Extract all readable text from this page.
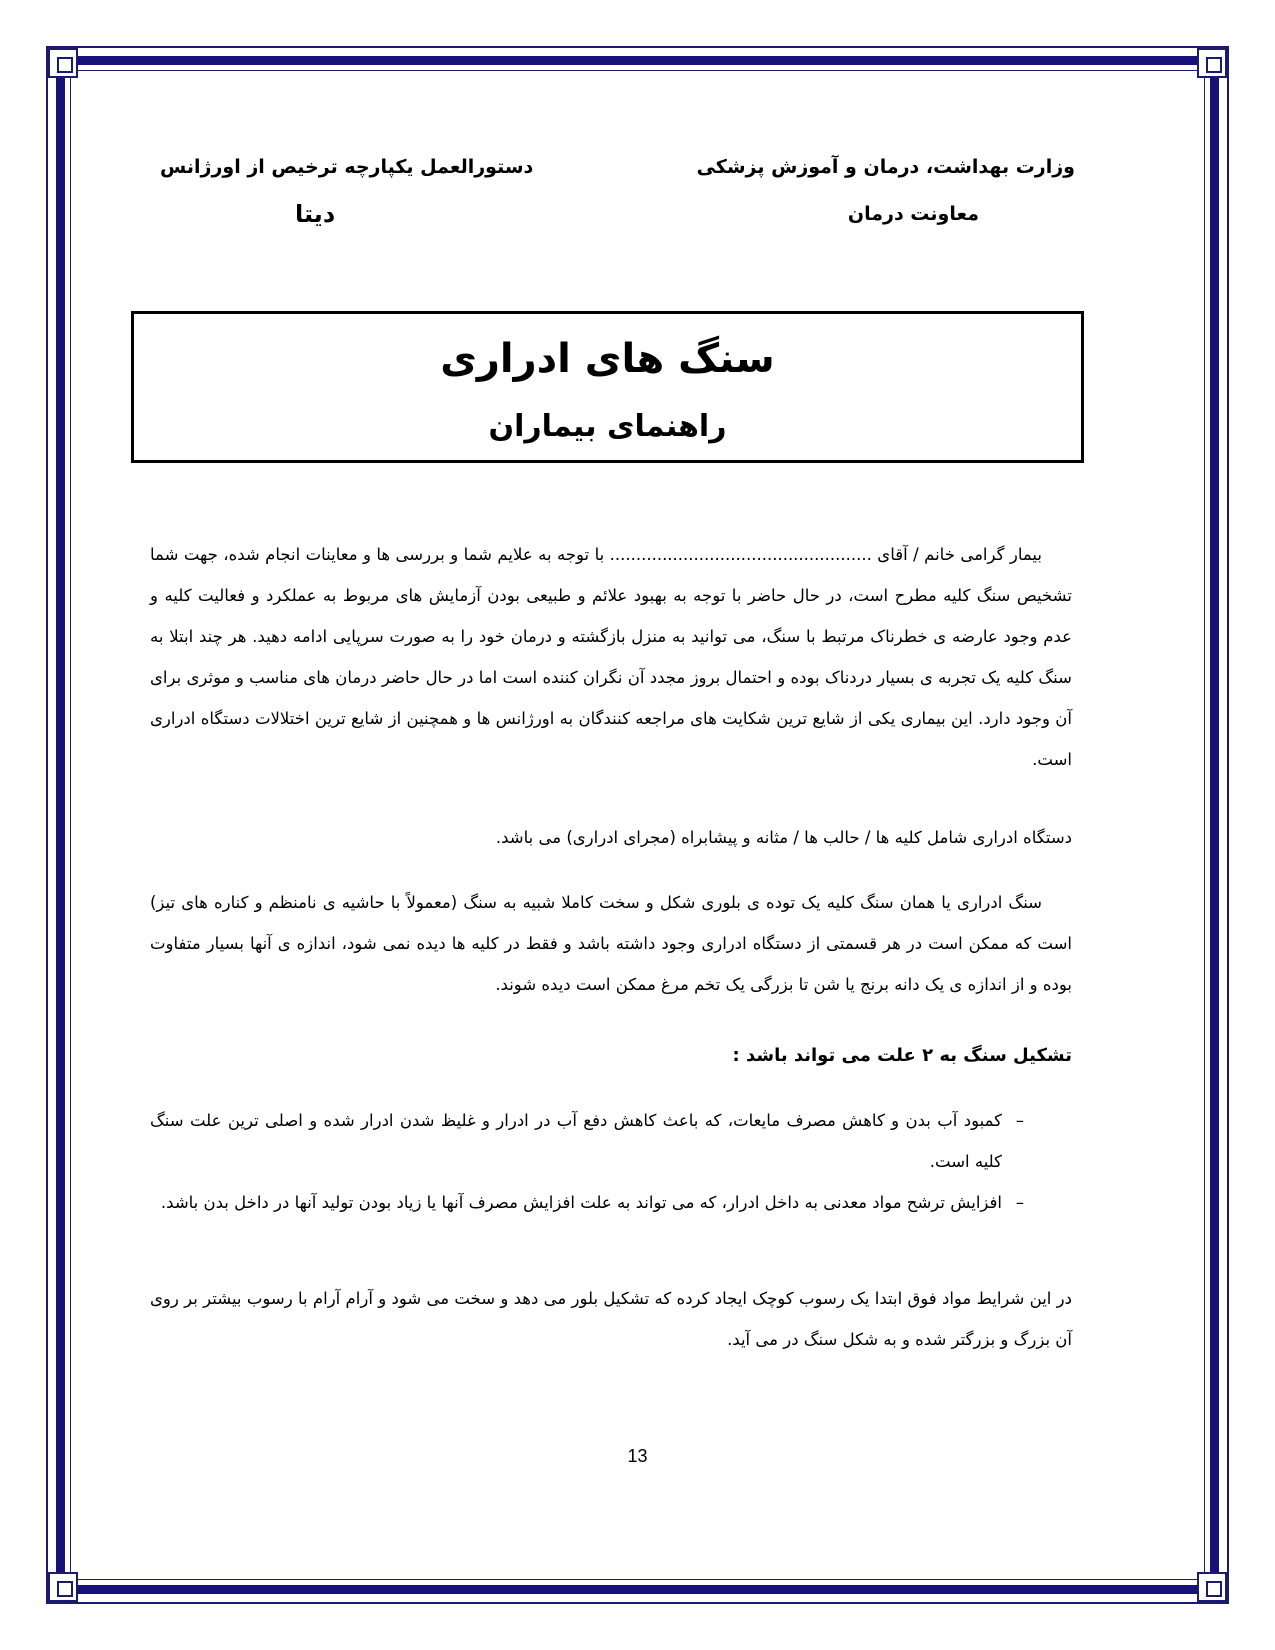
وزارت بهداشت، درمان و آموزش پزشکی
معاونت درمان
دستورالعمل یکپارچه ترخیص از اورژانس
دیتا
سنگ های ادراری
راهنمای بیماران

بیمار گرامی خانم / آقای .................................................. با توجه به علایم شما و بررسی ها و معاینات انجام شده، جهت شما تشخیص سنگ کلیه مطرح است، در حال حاضر با توجه به بهبود علائم و طبیعی بودن آزمایش های مربوط به عملکرد و فعالیت کلیه و عدم وجود عارضه ی خطرناک مرتبط با سنگ، می توانید به منزل بازگشته و درمان خود را به صورت سرپایی ادامه دهید. هر چند ابتلا به سنگ کلیه یک تجربه ی بسیار دردناک بوده و احتمال بروز مجدد آن نگران کننده است اما در حال حاضر درمان های مناسب و موثری برای آن وجود دارد. این بیماری یکی از شایع ترین شکایت های مراجعه کنندگان به اورژانس ها و همچنین از شایع ترین اختلالات دستگاه ادراری است.

دستگاه ادراری شامل کلیه ها / حالب ها / مثانه و پیشابراه (مجرای ادراری) می باشد.

سنگ ادراری یا همان سنگ کلیه یک توده ی بلوری شکل و سخت کاملا شبیه به سنگ (معمولاً با حاشیه ی نامنظم و کناره های تیز) است که ممکن است در هر قسمتی از دستگاه ادراری وجود داشته باشد و فقط در کلیه ها دیده نمی شود، اندازه ی آنها بسیار متفاوت بوده و از اندازه ی یک دانه برنج یا شن تا بزرگی یک تخم مرغ ممکن است دیده شوند.

تشکیل سنگ به ۲ علت می تواند باشد :

–
کمبود آب بدن و کاهش مصرف مایعات، که باعث کاهش دفع آب در ادرار و غلیظ شدن ادرار شده و اصلی ترین علت سنگ کلیه است.
–
افزایش ترشح مواد معدنی به داخل ادرار، که می تواند به علت افزایش مصرف آنها یا زیاد بودن تولید آنها در داخل بدن باشد.

در این شرایط مواد فوق ابتدا یک رسوب کوچک ایجاد کرده که تشکیل بلور می دهد و سخت می شود و آرام آرام با رسوب بیشتر بر روی آن بزرگ و بزرگتر شده و به شکل سنگ در می آید.

13
